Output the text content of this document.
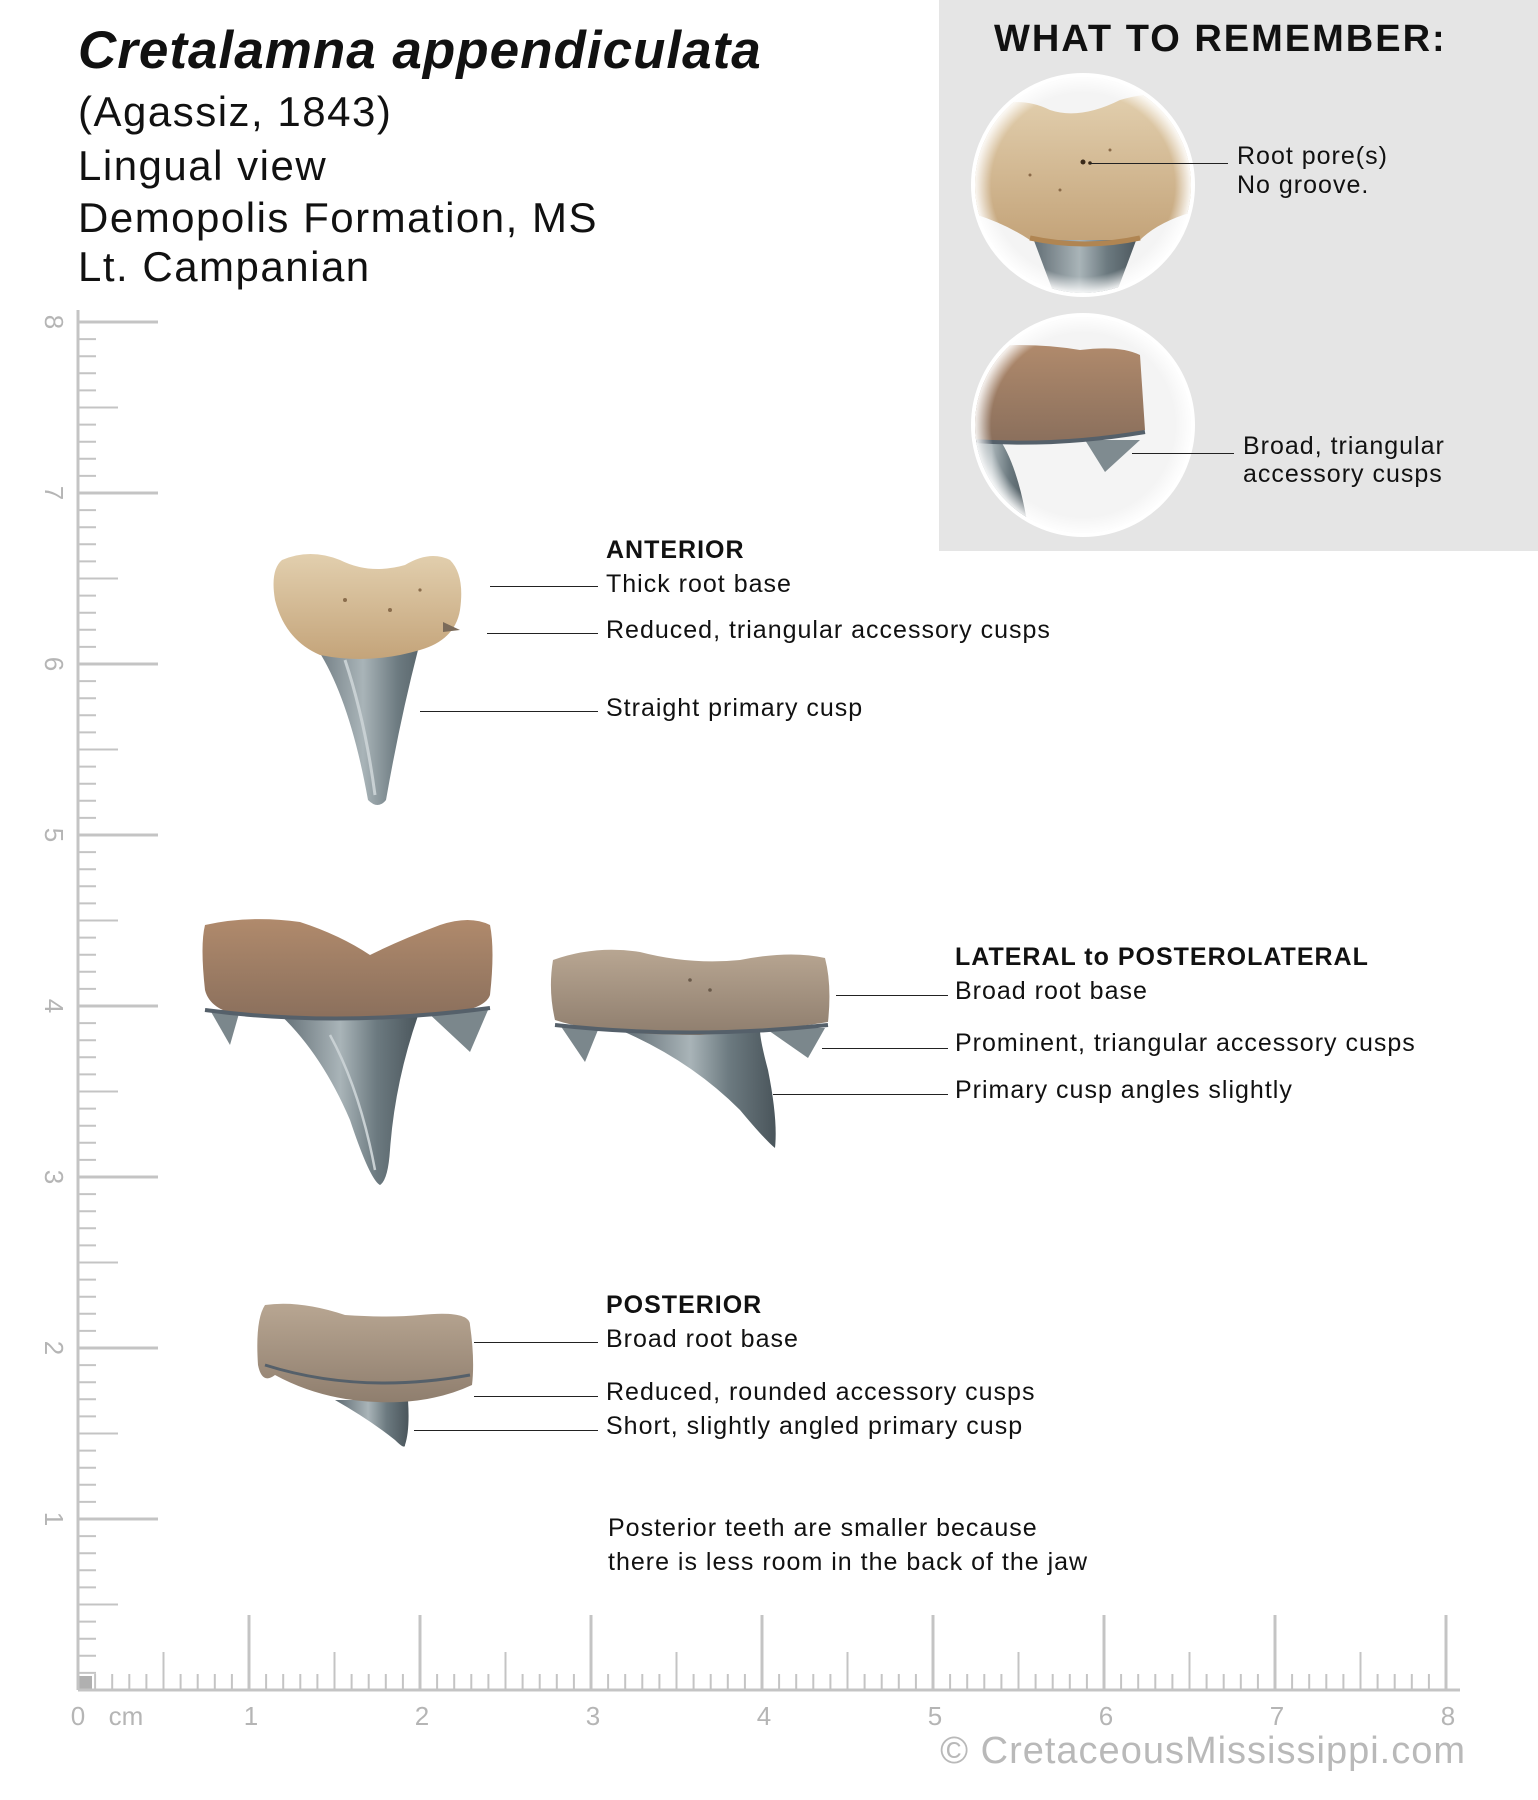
Cretalamna appendiculata
(Agassiz, 1843)
Lingual view
Demopolis Formation, MS
Lt. Campanian
WHAT TO REMEMBER:
Root pore(s)
No groove.
Broad, triangular
accessory cusps
ANTERIOR
Thick root base
Reduced, triangular accessory cusps
Straight primary cusp
LATERAL to POSTEROLATERAL
Broad root base
Prominent, triangular accessory cusps
Primary cusp angles slightly
POSTERIOR
Broad root base
Reduced, rounded accessory cusps
Short, slightly angled primary cusp
Posterior teeth are smaller because
there is less room in the back of the jaw
0	1	2	3	4	5	6	7	8
cm
1
2
3
4
5
6
7
8
© CretaceousMississippi.com
